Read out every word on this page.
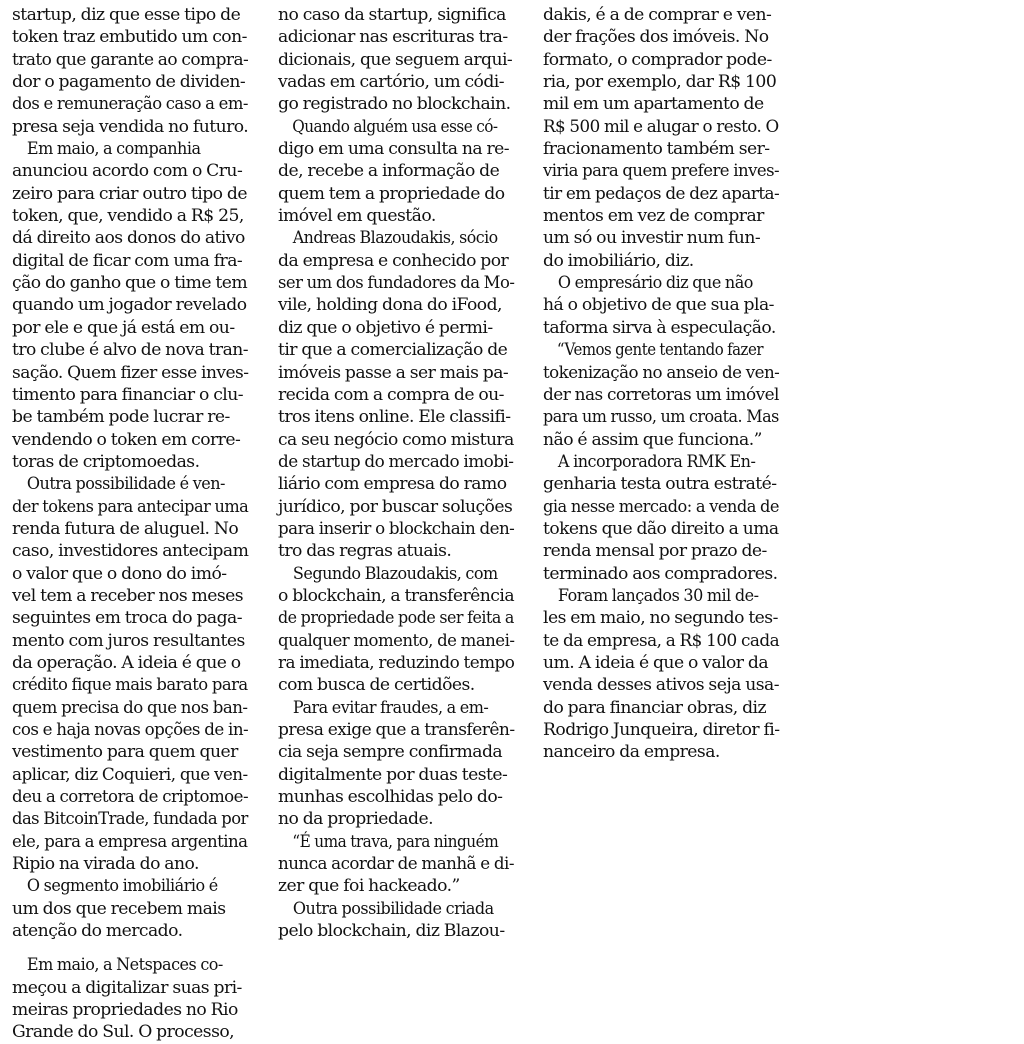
startup, diz que esse tipo de
token traz embutido um con-
trato que garante ao compra-
dor o pagamento de dividen-
dos e remuneração caso a em-
presa seja vendida no futuro.
Em maio, a companhia
anunciou acordo com o Cru-
zeiro para criar outro tipo de
token, que, vendido a R$ 25,
dá direito aos donos do ativo
digital de ficar com uma fra-
ção do ganho que o time tem
quando um jogador revelado
por ele e que já está em ou-
tro clube é alvo de nova tran-
sação. Quem fizer esse inves-
timento para financiar o clu-
be também pode lucrar re-
vendendo o token em corre-
toras de criptomoedas.
Outra possibilidade é ven-
der tokens para antecipar uma
renda futura de aluguel. No
caso, investidores antecipam
o valor que o dono do imó-
vel tem a receber nos meses
seguintes em troca do paga-
mento com juros resultantes
da operação. A ideia é que o
crédito fique mais barato para
quem precisa do que nos ban-
cos e haja novas opções de in-
vestimento para quem quer
aplicar, diz Coquieri, que ven-
deu a corretora de criptomoe-
das BitcoinTrade, fundada por
ele, para a empresa argentina
Ripio na virada do ano.
O segmento imobiliário é
um dos que recebem mais
atenção do mercado.
Em maio, a Netspaces co-
meçou a digitalizar suas pri-
meiras propriedades no Rio
Grande do Sul. O processo,
no caso da startup, significa
adicionar nas escrituras tra-
dicionais, que seguem arqui-
vadas em cartório, um códi-
go registrado no blockchain.
Quando alguém usa esse có-
digo em uma consulta na re-
de, recebe a informação de
quem tem a propriedade do
imóvel em questão.
Andreas Blazoudakis, sócio
da empresa e conhecido por
ser um dos fundadores da Mo-
vile, holding dona do iFood,
diz que o objetivo é permi-
tir que a comercialização de
imóveis passe a ser mais pa-
recida com a compra de ou-
tros itens online. Ele classifi-
ca seu negócio como mistura
de startup do mercado imobi-
liário com empresa do ramo
jurídico, por buscar soluções
para inserir o blockchain den-
tro das regras atuais.
Segundo Blazoudakis, com
o blockchain, a transferência
de propriedade pode ser feita a
qualquer momento, de manei-
ra imediata, reduzindo tempo
com busca de certidões.
Para evitar fraudes, a em-
presa exige que a transferên-
cia seja sempre confirmada
digitalmente por duas teste-
munhas escolhidas pelo do-
no da propriedade.
“É uma trava, para ninguém
nunca acordar de manhã e di-
zer que foi hackeado.”
Outra possibilidade criada
pelo blockchain, diz Blazou-
dakis, é a de comprar e ven-
der frações dos imóveis. No
formato, o comprador pode-
ria, por exemplo, dar R$ 100
mil em um apartamento de
R$ 500 mil e alugar o resto. O
fracionamento também ser-
viria para quem prefere inves-
tir em pedaços de dez aparta-
mentos em vez de comprar
um só ou investir num fun-
do imobiliário, diz.
O empresário diz que não
há o objetivo de que sua pla-
taforma sirva à especulação.
“Vemos gente tentando fazer
tokenização no anseio de ven-
der nas corretoras um imóvel
para um russo, um croata. Mas
não é assim que funciona.”
A incorporadora RMK En-
genharia testa outra estraté-
gia nesse mercado: a venda de
tokens que dão direito a uma
renda mensal por prazo de-
terminado aos compradores.
Foram lançados 30 mil de-
les em maio, no segundo tes-
te da empresa, a R$ 100 cada
um. A ideia é que o valor da
venda desses ativos seja usa-
do para financiar obras, diz
Rodrigo Junqueira, diretor fi-
nanceiro da empresa.
